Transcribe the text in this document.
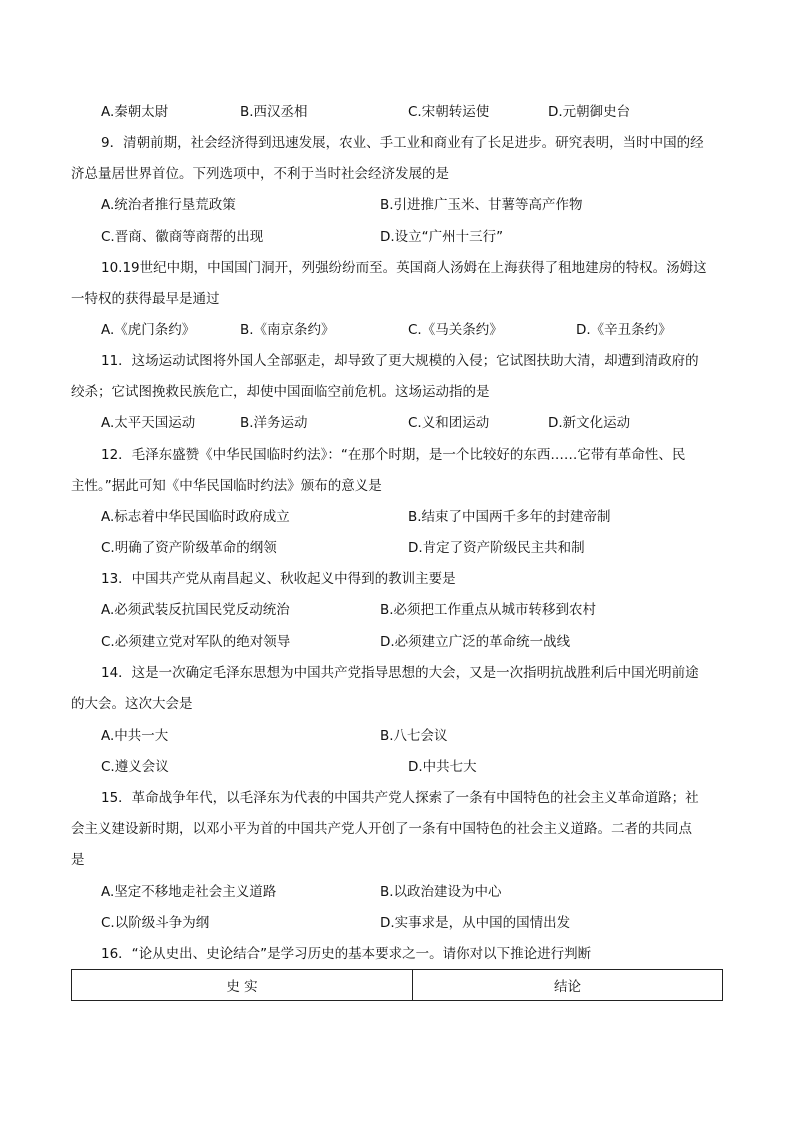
A.秦朝太尉	B.西汉丞相	C.宋朝转运使	D.元朝御史台
9．清朝前期，社会经济得到迅速发展，农业、手工业和商业有了长足进步。研究表明，当时中国的经
济总量居世界首位。下列选项中，不利于当时社会经济发展的是
A.统治者推行垦荒政策	B.引进推广玉米、甘薯等高产作物
C.晋商、徽商等商帮的出现	D.设立“广州十三行”
10.19世纪中期，中国国门洞开，列强纷纷而至。英国商人汤姆在上海获得了租地建房的特权。汤姆这
一特权的获得最早是通过
A.《虎门条约》	B.《南京条约》	C.《马关条约》	D.《辛丑条约》
11．这场运动试图将外国人全部驱走，却导致了更大规模的入侵；它试图扶助大清，却遭到清政府的
绞杀；它试图挽救民族危亡，却使中国面临空前危机。这场运动指的是
A.太平天国运动	B.洋务运动	C.义和团运动	D.新文化运动
12．毛泽东盛赞《中华民国临时约法》：“在那个时期，是一个比较好的东西……它带有革命性、民
主性。”据此可知《中华民国临时约法》颁布的意义是
A.标志着中华民国临时政府成立	B.结束了中国两千多年的封建帝制
C.明确了资产阶级革命的纲领	D.肯定了资产阶级民主共和制
13．中国共产党从南昌起义、秋收起义中得到的教训主要是
A.必须武装反抗国民党反动统治	B.必须把工作重点从城市转移到农村
C.必须建立党对军队的绝对领导	D.必须建立广泛的革命统一战线
14．这是一次确定毛泽东思想为中国共产党指导思想的大会，又是一次指明抗战胜利后中国光明前途
的大会。这次大会是
A.中共一大	B.八七会议
C.遵义会议	D.中共七大
15．革命战争年代，以毛泽东为代表的中国共产党人探索了一条有中国特色的社会主义革命道路；社
会主义建设新时期，以邓小平为首的中国共产党人开创了一条有中国特色的社会主义道路。二者的共同点
是
A.坚定不移地走社会主义道路	B.以政治建设为中心
C.以阶级斗争为纲	D.实事求是，从中国的国情出发
16．“论从史出、史论结合”是学习历史的基本要求之一。请你对以下推论进行判断
史 实	结论
